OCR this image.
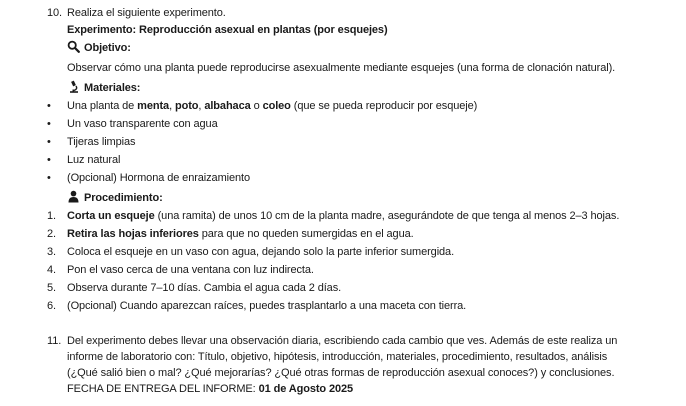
10. Realiza el siguiente experimento.
Experimento: Reproducción asexual en plantas (por esquejes)
Objetivo:
Observar cómo una planta puede reproducirse asexualmente mediante esquejes (una forma de clonación natural).
Materiales:
• Una planta de menta, poto, albahaca o coleo (que se pueda reproducir por esqueje)
• Un vaso transparente con agua
• Tijeras limpias
• Luz natural
• (Opcional) Hormona de enraizamiento
Procedimiento:
1. Corta un esqueje (una ramita) de unos 10 cm de la planta madre, asegurándote de que tenga al menos 2–3 hojas.
2. Retira las hojas inferiores para que no queden sumergidas en el agua.
3. Coloca el esqueje en un vaso con agua, dejando solo la parte inferior sumergida.
4. Pon el vaso cerca de una ventana con luz indirecta.
5. Observa durante 7–10 días. Cambia el agua cada 2 días.
6. (Opcional) Cuando aparezcan raíces, puedes trasplantarlo a una maceta con tierra.
11. Del experimento debes llevar una observación diaria, escribiendo cada cambio que ves. Además de este realiza un
informe de laboratorio con: Título, objetivo, hipótesis, introducción, materiales, procedimiento, resultados, análisis
(¿Qué salió bien o mal? ¿Qué mejorarías? ¿Qué otras formas de reproducción asexual conoces?) y conclusiones.
FECHA DE ENTREGA DEL INFORME: 01 de Agosto 2025
